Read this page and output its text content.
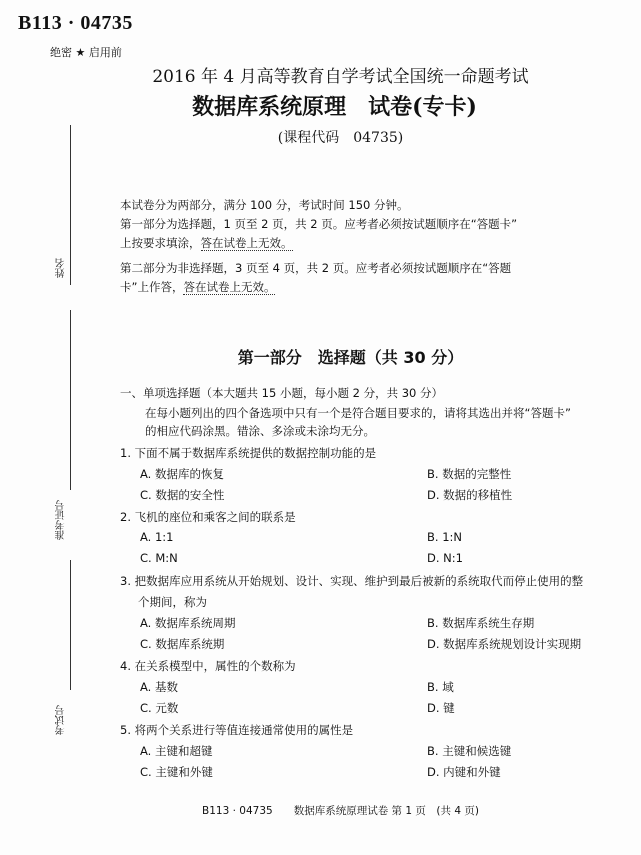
B113 · 04735
绝密 ★ 启用前
2016 年 4 月高等教育自学考试全国统一命题考试
数据库系统原理　试卷(专卡)
(课程代码　04735)
姓名
准考证号
考试号
本试卷分为两部分，满分 100 分，考试时间 150 分钟。
第一部分为选择题，1 页至 2 页，共 2 页。应考者必须按试题顺序在“答题卡”
上按要求填涂，答在试卷上无效。
第二部分为非选择题，3 页至 4 页，共 2 页。应考者必须按试题顺序在“答题
卡”上作答，答在试卷上无效。
第一部分　选择题（共 30 分）
一、单项选择题（本大题共 15 小题，每小题 2 分，共 30 分）
在每小题列出的四个备选项中只有一个是符合题目要求的，请将其选出并将“答题卡”
的相应代码涂黑。错涂、多涂或未涂均无分。
1. 下面不属于数据库系统提供的数据控制功能的是
A. 数据库的恢复	B. 数据的完整性
C. 数据的安全性	D. 数据的移植性
2. 飞机的座位和乘客之间的联系是
A. 1:1	B. 1:N
C. M:N	D. N:1
3. 把数据库应用系统从开始规划、设计、实现、维护到最后被新的系统取代而停止使用的整
个期间，称为
A. 数据库系统周期	B. 数据库系统生存期
C. 数据库系统期	D. 数据库系统规划设计实现期
4. 在关系模型中，属性的个数称为
A. 基数	B. 域
C. 元数	D. 键
5. 将两个关系进行等值连接通常使用的属性是
A. 主键和超键	B. 主键和候选键
C. 主键和外键	D. 内键和外键
B113 · 04735　　数据库系统原理试卷 第 1 页　(共 4 页)
